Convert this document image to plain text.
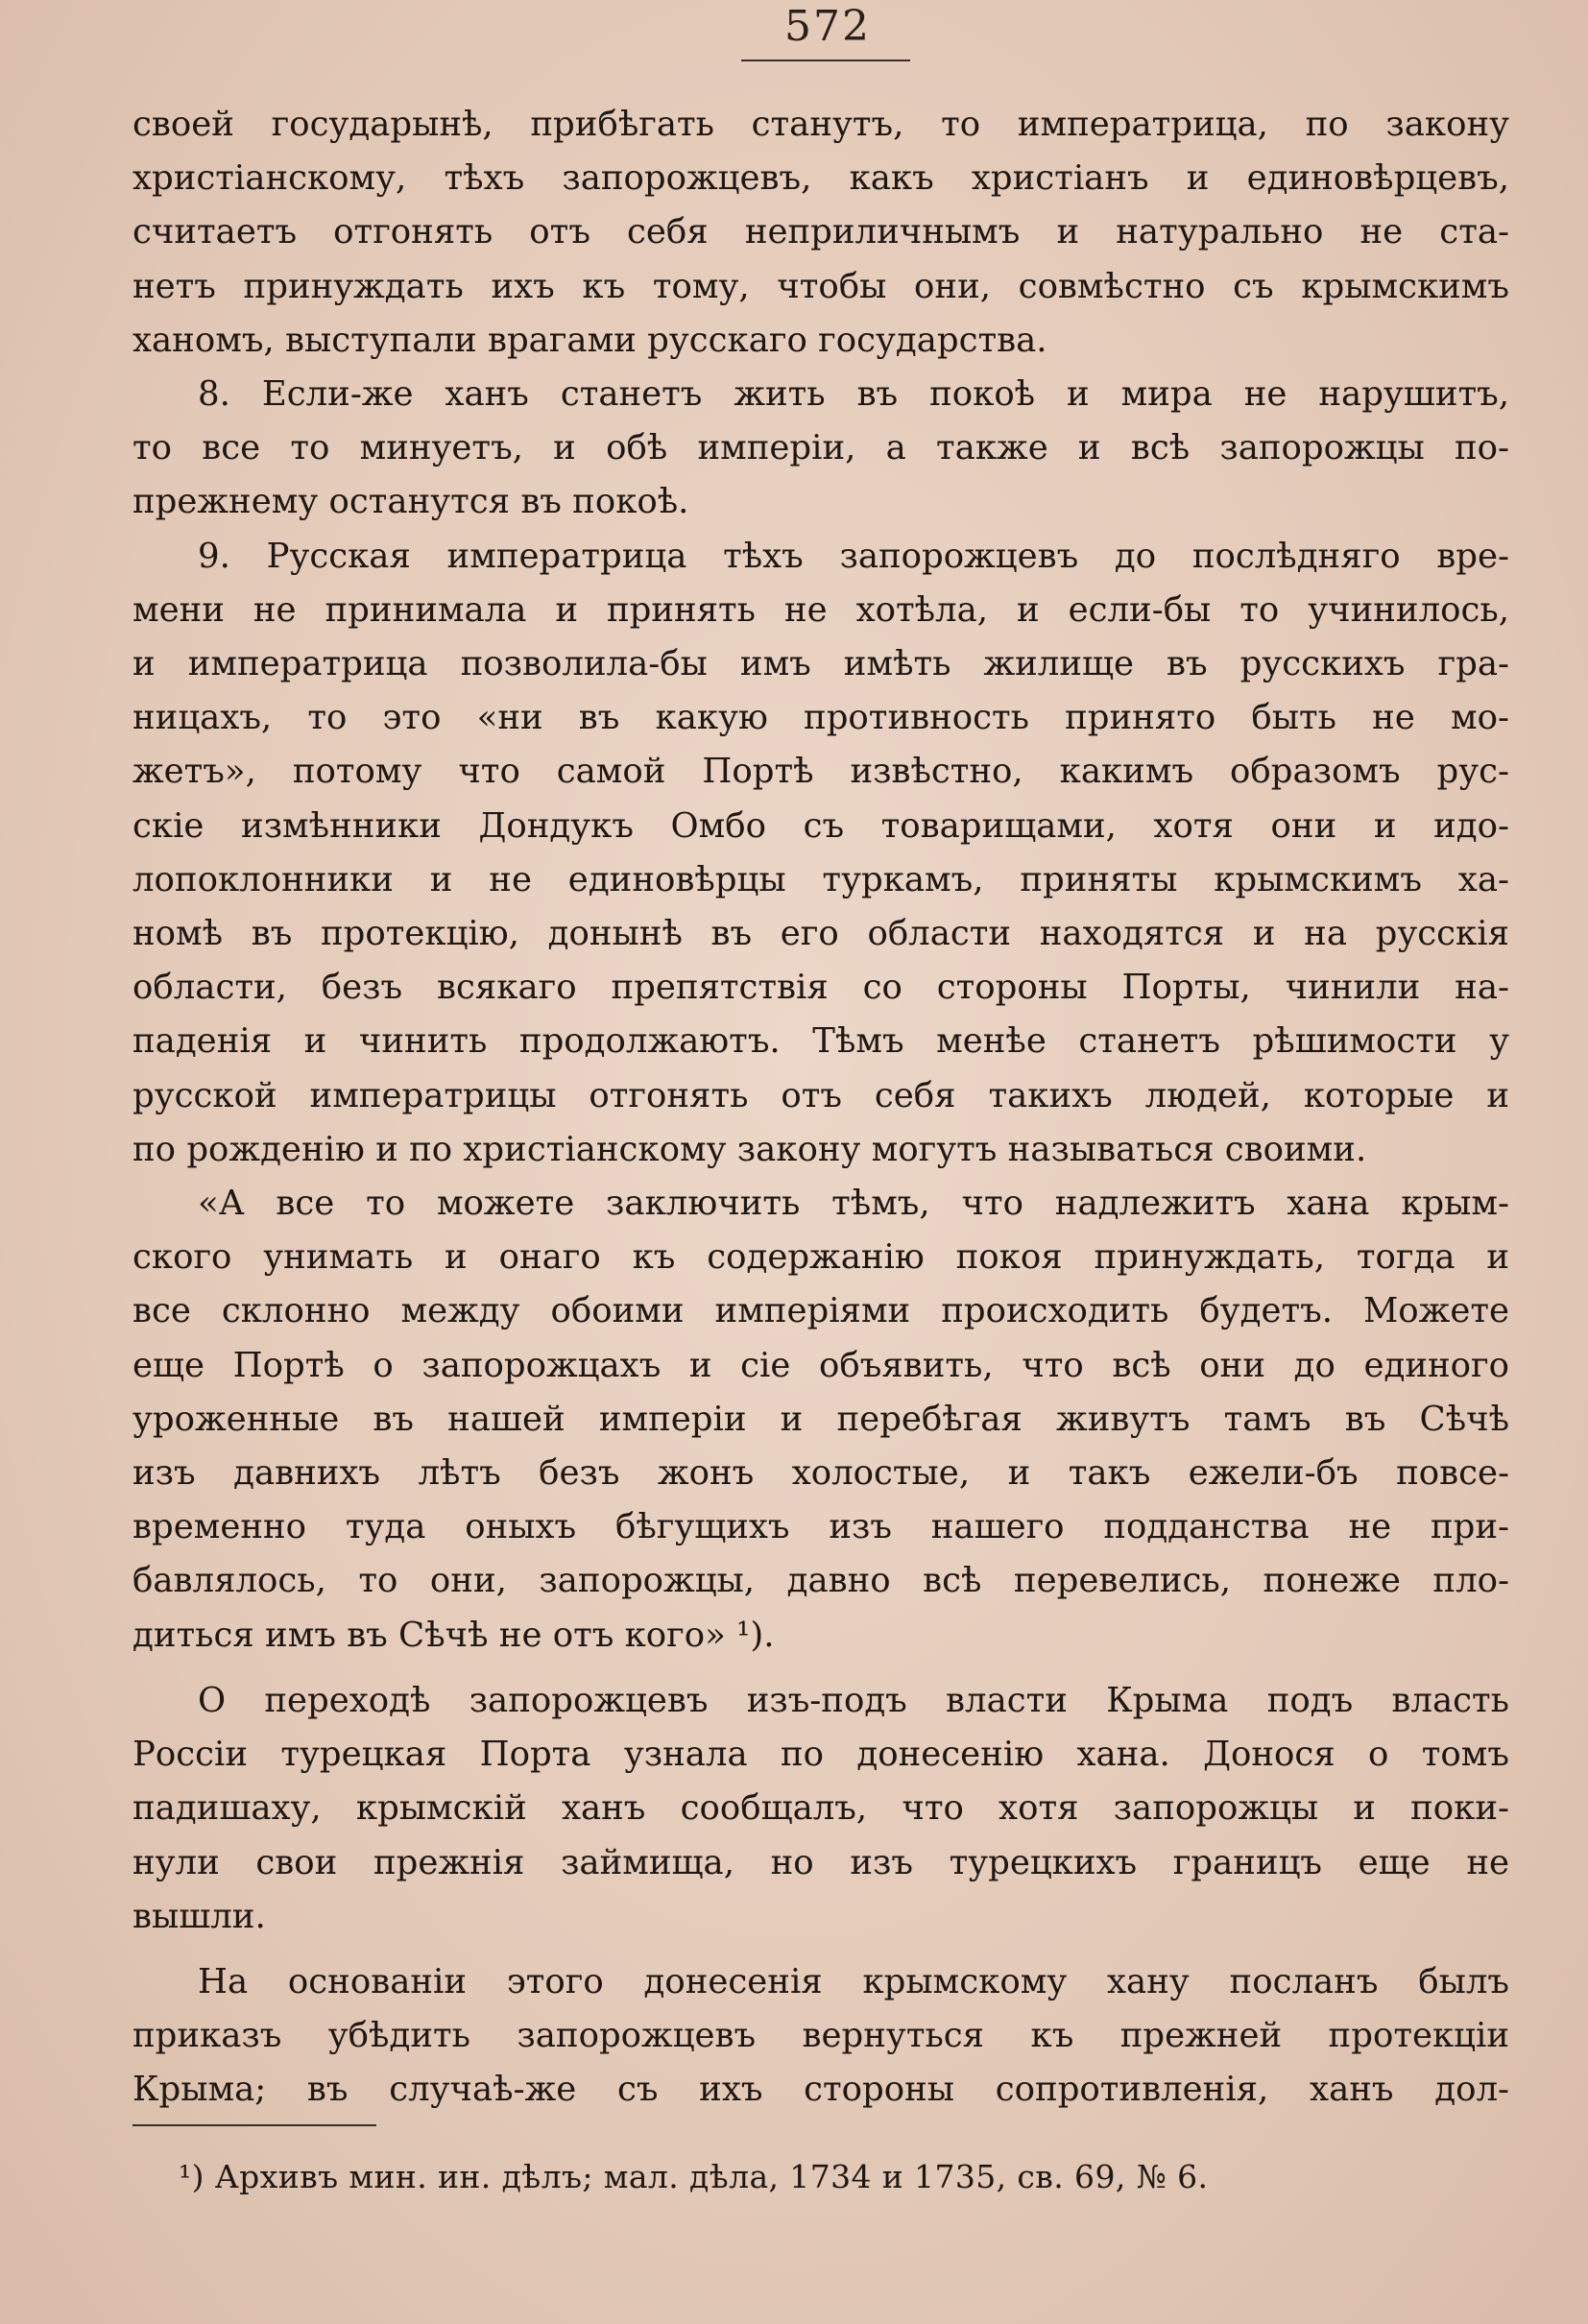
572
своей государынѣ, прибѣгать станутъ, то императрица, по закону
христіанскому, тѣхъ запорожцевъ, какъ христіанъ и единовѣрцевъ,
считаетъ отгонять отъ себя неприличнымъ и натурально не ста-
нетъ принуждать ихъ къ тому, чтобы они, совмѣстно съ крымскимъ
ханомъ, выступали врагами русскаго государства.
8. Если-же ханъ станетъ жить въ покоѣ и мира не нарушитъ,
то все то минуетъ, и обѣ имперіи, а также и всѣ запорожцы по-
прежнему останутся въ покоѣ.
9. Русская императрица тѣхъ запорожцевъ до послѣдняго вре-
мени не принимала и принять не хотѣла, и если-бы то учинилось,
и императрица позволила-бы имъ имѣть жилище въ русскихъ гра-
ницахъ, то это «ни въ какую противность принято быть не мо-
жетъ», потому что самой Портѣ извѣстно, какимъ образомъ рус-
скіе измѣнники Дондукъ Омбо съ товарищами, хотя они и идо-
лопоклонники и не единовѣрцы туркамъ, приняты крымскимъ ха-
номѣ въ протекцію, донынѣ въ его области находятся и на русскія
области, безъ всякаго препятствія со стороны Порты, чинили на-
паденія и чинить продолжаютъ. Тѣмъ менѣе станетъ рѣшимости у
русской императрицы отгонять отъ себя такихъ людей, которые и
по рожденію и по христіанскому закону могутъ называться своими.
«А все то можете заключить тѣмъ, что надлежитъ хана крым-
ского унимать и онаго къ содержанію покоя принуждать, тогда и
все склонно между обоими имперіями происходить будетъ. Можете
еще Портѣ о запорожцахъ и сіе объявить, что всѣ они до единого
уроженные въ нашей имперіи и перебѣгая живутъ тамъ въ Сѣчѣ
изъ давнихъ лѣтъ безъ жонъ холостые, и такъ ежели-бъ повсе-
временно туда оныхъ бѣгущихъ изъ нашего подданства не при-
бавлялось, то они, запорожцы, давно всѣ перевелись, понеже пло-
диться имъ въ Сѣчѣ не отъ кого» ¹).
О переходѣ запорожцевъ изъ-подъ власти Крыма подъ власть
Россіи турецкая Порта узнала по донесенію хана. Донося о томъ
падишаху, крымскій ханъ сообщалъ, что хотя запорожцы и поки-
нули свои прежнія займища, но изъ турецкихъ границъ еще не
вышли.
На основаніи этого донесенія крымскому хану посланъ былъ
приказъ убѣдить запорожцевъ вернуться къ прежней протекціи
Крыма; въ случаѣ-же съ ихъ стороны сопротивленія, ханъ дол-
¹) Архивъ мин. ин. дѣлъ; мал. дѣла, 1734 и 1735, св. 69, № 6.
